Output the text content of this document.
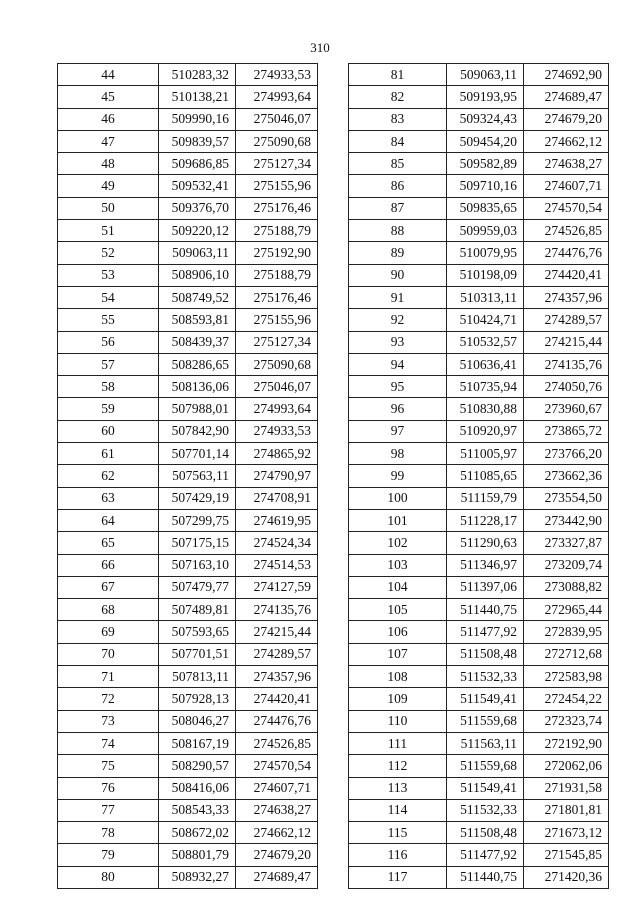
310
44	510283,32	274933,53
45	510138,21	274993,64
46	509990,16	275046,07
47	509839,57	275090,68
48	509686,85	275127,34
49	509532,41	275155,96
50	509376,70	275176,46
51	509220,12	275188,79
52	509063,11	275192,90
53	508906,10	275188,79
54	508749,52	275176,46
55	508593,81	275155,96
56	508439,37	275127,34
57	508286,65	275090,68
58	508136,06	275046,07
59	507988,01	274993,64
60	507842,90	274933,53
61	507701,14	274865,92
62	507563,11	274790,97
63	507429,19	274708,91
64	507299,75	274619,95
65	507175,15	274524,34
66	507163,10	274514,53
67	507479,77	274127,59
68	507489,81	274135,76
69	507593,65	274215,44
70	507701,51	274289,57
71	507813,11	274357,96
72	507928,13	274420,41
73	508046,27	274476,76
74	508167,19	274526,85
75	508290,57	274570,54
76	508416,06	274607,71
77	508543,33	274638,27
78	508672,02	274662,12
79	508801,79	274679,20
80	508932,27	274689,47
81	509063,11	274692,90
82	509193,95	274689,47
83	509324,43	274679,20
84	509454,20	274662,12
85	509582,89	274638,27
86	509710,16	274607,71
87	509835,65	274570,54
88	509959,03	274526,85
89	510079,95	274476,76
90	510198,09	274420,41
91	510313,11	274357,96
92	510424,71	274289,57
93	510532,57	274215,44
94	510636,41	274135,76
95	510735,94	274050,76
96	510830,88	273960,67
97	510920,97	273865,72
98	511005,97	273766,20
99	511085,65	273662,36
100	511159,79	273554,50
101	511228,17	273442,90
102	511290,63	273327,87
103	511346,97	273209,74
104	511397,06	273088,82
105	511440,75	272965,44
106	511477,92	272839,95
107	511508,48	272712,68
108	511532,33	272583,98
109	511549,41	272454,22
110	511559,68	272323,74
111	511563,11	272192,90
112	511559,68	272062,06
113	511549,41	271931,58
114	511532,33	271801,81
115	511508,48	271673,12
116	511477,92	271545,85
117	511440,75	271420,36
